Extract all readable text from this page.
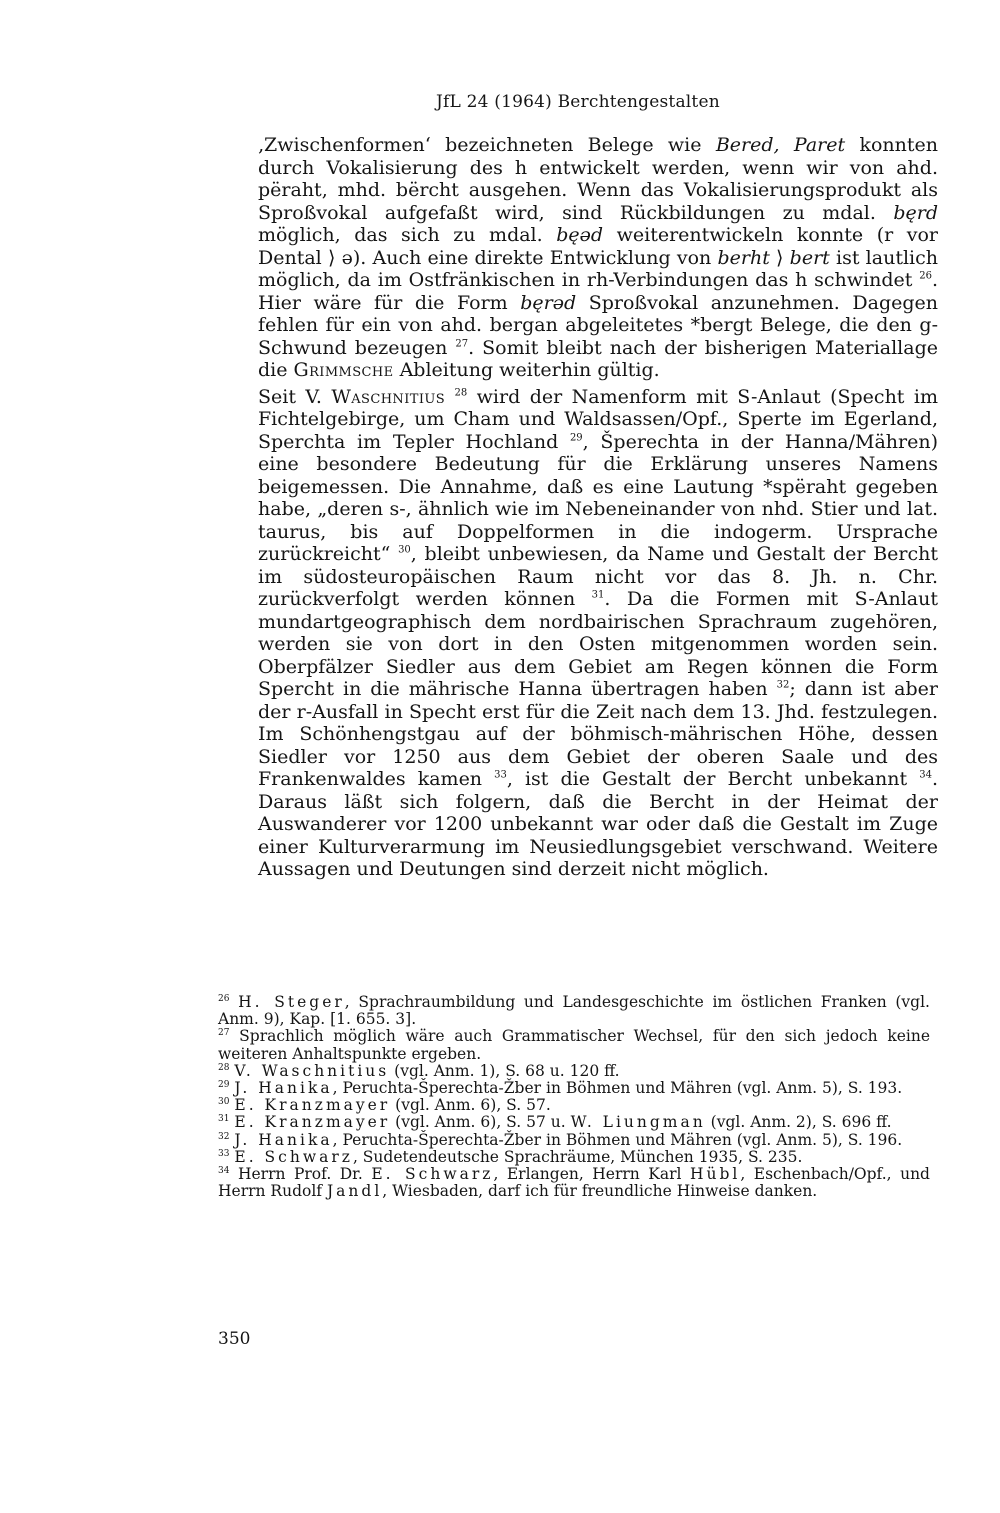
JfL 24 (1964) Berchtengestalten

‚Zwischenformen‘ bezeichneten Belege wie Bered, Paret konnten durch Vokalisierung des h entwickelt werden, wenn wir von ahd. përaht, mhd. bërcht ausgehen. Wenn das Vokalisierungsprodukt als Sproßvokal aufgefaßt wird, sind Rückbildungen zu mdal. bęrd möglich, das sich zu mdal. bęəd weiterentwickeln konnte (r vor Dental ⟩ ə). Auch eine direkte Entwicklung von berht ⟩ bert ist lautlich möglich, da im Ostfränkischen in rh-Verbindungen das h schwindet $^{26}$. Hier wäre für die Form bęrəd Sproßvokal anzunehmen. Dagegen fehlen für ein von ahd. bergan abgeleitetes *bergt Belege, die den g-Schwund bezeugen $^{27}$. Somit bleibt nach der bisherigen Materiallage die Grimmsche Ableitung weiterhin gültig.

Seit V. Waschnitius $^{28}$ wird der Namenform mit S-Anlaut (Specht im Fichtelgebirge, um Cham und Waldsassen/Opf., Sperte im Egerland, Sperchta im Tepler Hochland $^{29}$, Šperechta in der Hanna/Mähren) eine besondere Bedeutung für die Erklärung unseres Namens beigemessen. Die Annahme, daß es eine Lautung *spëraht gegeben habe, „deren s-, ähnlich wie im Nebeneinander von nhd. Stier und lat. taurus, bis auf Doppelformen in die indogerm. Ursprache zurückreicht“ $^{30}$, bleibt unbewiesen, da Name und Gestalt der Bercht im südosteuropäischen Raum nicht vor das 8. Jh. n. Chr. zurückverfolgt werden können $^{31}$. Da die Formen mit S-Anlaut mundartgeographisch dem nordbairischen Sprachraum zugehören, werden sie von dort in den Osten mitgenommen worden sein. Oberpfälzer Siedler aus dem Gebiet am Regen können die Form Spercht in die mährische Hanna übertragen haben $^{32}$; dann ist aber der r-Ausfall in Specht erst für die Zeit nach dem 13. Jhd. festzulegen. Im Schönhengstgau auf der böhmisch-mährischen Höhe, dessen Siedler vor 1250 aus dem Gebiet der oberen Saale und des Frankenwaldes kamen $^{33}$, ist die Gestalt der Bercht unbekannt $^{34}$. Daraus läßt sich folgern, daß die Bercht in der Heimat der Auswanderer vor 1200 unbekannt war oder daß die Gestalt im Zuge einer Kulturverarmung im Neusiedlungsgebiet verschwand. Weitere Aussagen und Deutungen sind derzeit nicht möglich.

$^{26}$ H. Steger, Sprachraumbildung und Landesgeschichte im östlichen Franken (vgl. Anm. 9), Kap. [1. 655. 3].

$^{27}$ Sprachlich möglich wäre auch Grammatischer Wechsel, für den sich jedoch keine weiteren Anhaltspunkte ergeben.

$^{28}$ V. Waschnitius (vgl. Anm. 1), S. 68 u. 120 ff.

$^{29}$ J. Hanika, Peruchta-Šperechta-Žber in Böhmen und Mähren (vgl. Anm. 5), S. 193.

$^{30}$ E. Kranzmayer (vgl. Anm. 6), S. 57.

$^{31}$ E. Kranzmayer (vgl. Anm. 6), S. 57 u. W. Liungman (vgl. Anm. 2), S. 696 ff.

$^{32}$ J. Hanika, Peruchta-Šperechta-Žber in Böhmen und Mähren (vgl. Anm. 5), S. 196.

$^{33}$ E. Schwarz, Sudetendeutsche Sprachräume, München 1935, S. 235.

$^{34}$ Herrn Prof. Dr. E. Schwarz, Erlangen, Herrn Karl Hübl, Eschenbach/Opf., und Herrn Rudolf Jandl, Wiesbaden, darf ich für freundliche Hinweise danken.

350
